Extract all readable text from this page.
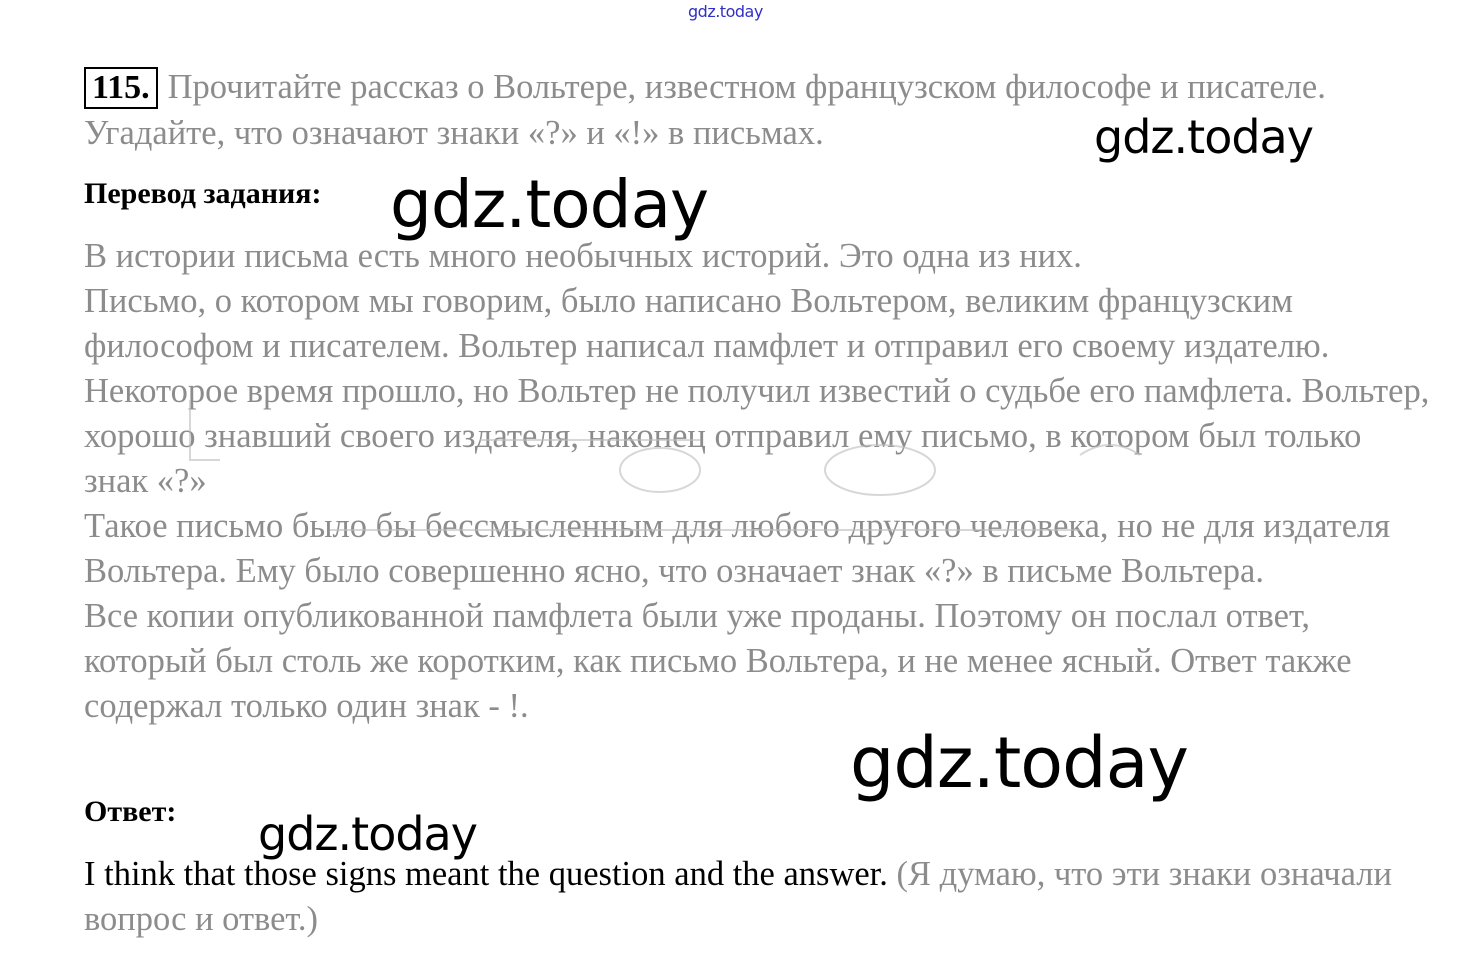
gdz.today
115. Прочитайте рассказ о Вольтере, известном французском философе и писателе. Угадайте, что означают знаки «?» и «!» в письмах.
Перевод задания:

В истории письма есть много необычных историй. Это одна из них.

Письмо, о котором мы говорим, было написано Вольтером, великим французским философом и писателем. Вольтер написал памфлет и отправил его своему издателю. Некоторое время прошло, но Вольтер не получил известий о судьбе его памфлета. Вольтер, хорошо знавший своего издателя, наконец отправил ему письмо, в котором был только знак «?»

Такое письмо было бы бессмысленным для любого другого человека, но не для издателя Вольтера. Ему было совершенно ясно, что означает знак «?» в письме Вольтера.

Все копии опубликованной памфлета были уже проданы. Поэтому он послал ответ, который был столь же коротким, как письмо Вольтера, и не менее ясный. Ответ также содержал только один знак - !.

Ответ:
I think that those signs meant the question and the answer. (Я думаю, что эти знаки означали вопрос и ответ.)
gdz.today
gdz.today
gdz.today
gdz.today
